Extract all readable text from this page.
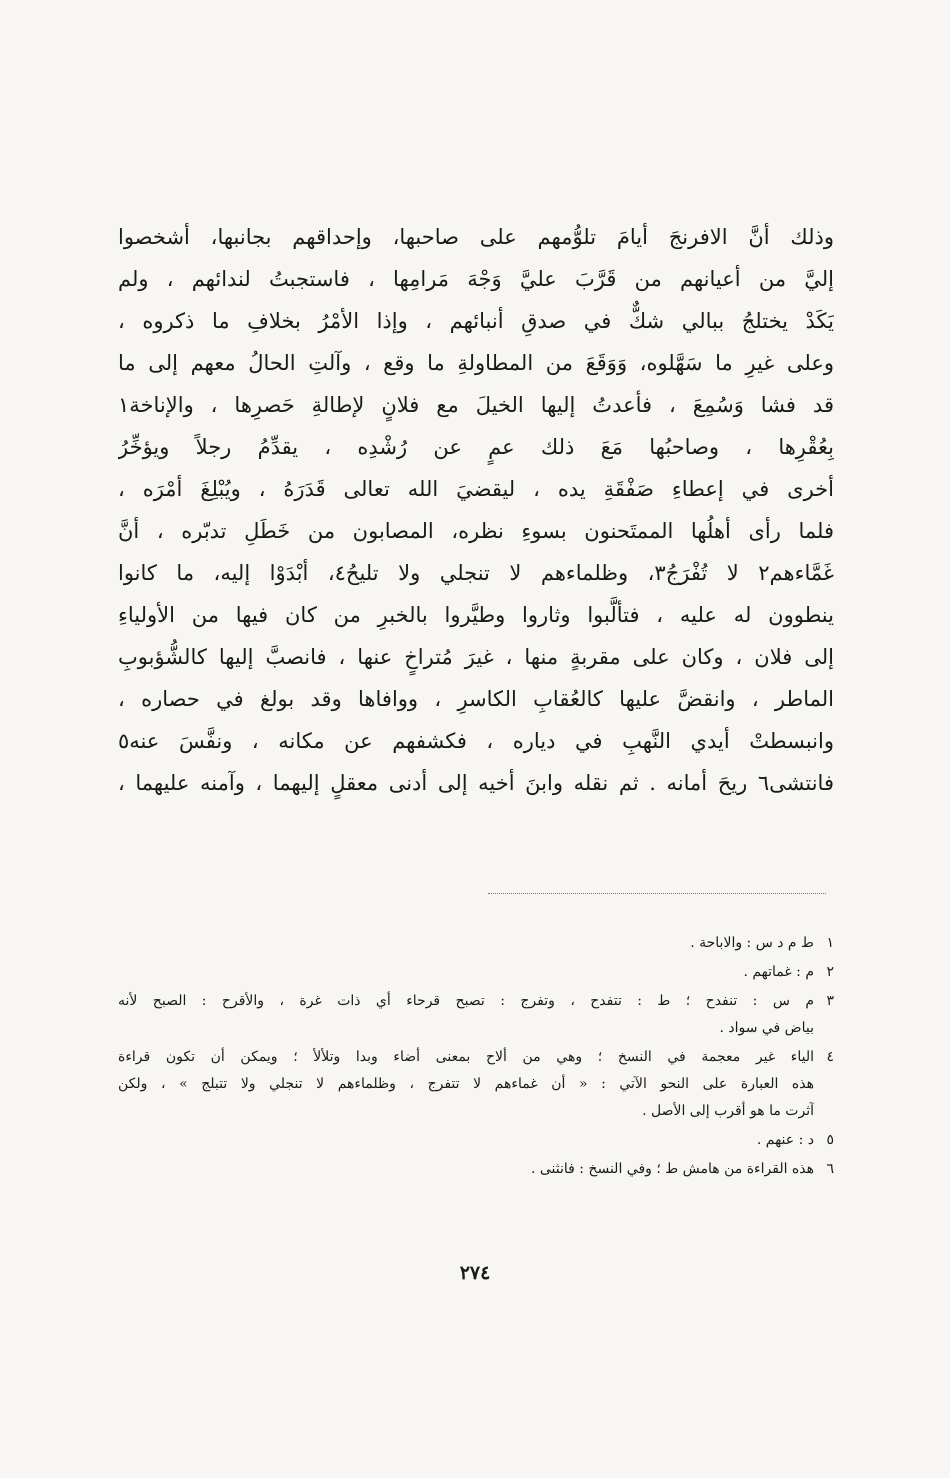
وذلك أنَّ الافرنجَ أيامَ تلوُّمهم على صاحبها، وإحداقهم بجانبها، أشخصوا
إليَّ من أعيانهم من قَرَّبَ عليَّ وَجْهَ مَرامِها ، فاستجبتُ لندائهم ، ولم
يَكَدْ يختلجُ ببالي شكٌّ في صدقِ أنبائهم ، وإذا الأمْرُ بخلافِ ما ذكروه ،
وعلى غيرِ ما سَهَّلوه، وَوَقَعَ من المطاولةِ ما وقع ، وآلتِ الحالُ معهم إلى ما
قد فشا وَسُمِعَ ، فأعدتُ إليها الخيلَ مع فلانٍ لإطالةِ حَصرِها ، والإناخة١
بِعُقْرِها ، وصاحبُها مَعَ ذلك عمٍ عن رُشْدِه ، يقدِّمُ رجلاً ويؤخِّرُ
أخرى في إعطاءِ صَفْقَةِ يده ، ليقضيَ الله تعالى قَدَرَهُ ، ويُبْلِغَ أمْرَه ،
فلما رأى أهلُها الممتَحنون بسوءِ نظره، المصابون من خَطَلِ تدبّره ، أنَّ
غَمَّاءهم٢ لا تُفْرَجُ٣، وظلماءهم لا تنجلي ولا تليحُ٤، أبْدَوْا إليه، ما كانوا
ينطوون له عليه ، فتألَّبوا وثاروا وطيَّروا بالخبرِ من كان فيها من الأولياءِ
إلى فلان ، وكان على مقربةٍ منها ، غيرَ مُتراخٍ عنها ، فانصبَّ إليها كالشُّؤبوبِ
الماطر ، وانقضَّ عليها كالعُقابِ الكاسرِ ، ووافاها وقد بولغ في حصاره ،
وانبسطتْ أيدي النَّهبِ في دياره ، فكشفهم عن مكانه ، ونفَّسَ عنه٥
فانتشى٦ ريحَ أمانه . ثم نقله وابنَ أخيه إلى أدنى معقلٍ إليهما ، وآمنه عليهما ،
١
ط م د س : والاباحة .
٢
م : غماتهم .
٣
م س : تنفدح ؛ ط : تتفدح ، وتفرج : تصبح قرحاء أي ذات غرة ، والأقرح : الصبح لأنه
بياض في سواد .
٤
الياء غير معجمة في النسخ ؛ وهي من ألاح بمعنى أضاء وبدا وتلألأ ؛ ويمكن أن تكون قراءة
هذه العبارة على النحو الآتي : « أن غماءهم لا تتفرج ، وظلماءهم لا تنجلي ولا تتبلج » ، ولكن
آثرت ما هو أقرب إلى الأصل .
٥
د : عنهم .
٦
هذه القراءة من هامش ط ؛ وفي النسخ : فانثنى .
٢٧٤
